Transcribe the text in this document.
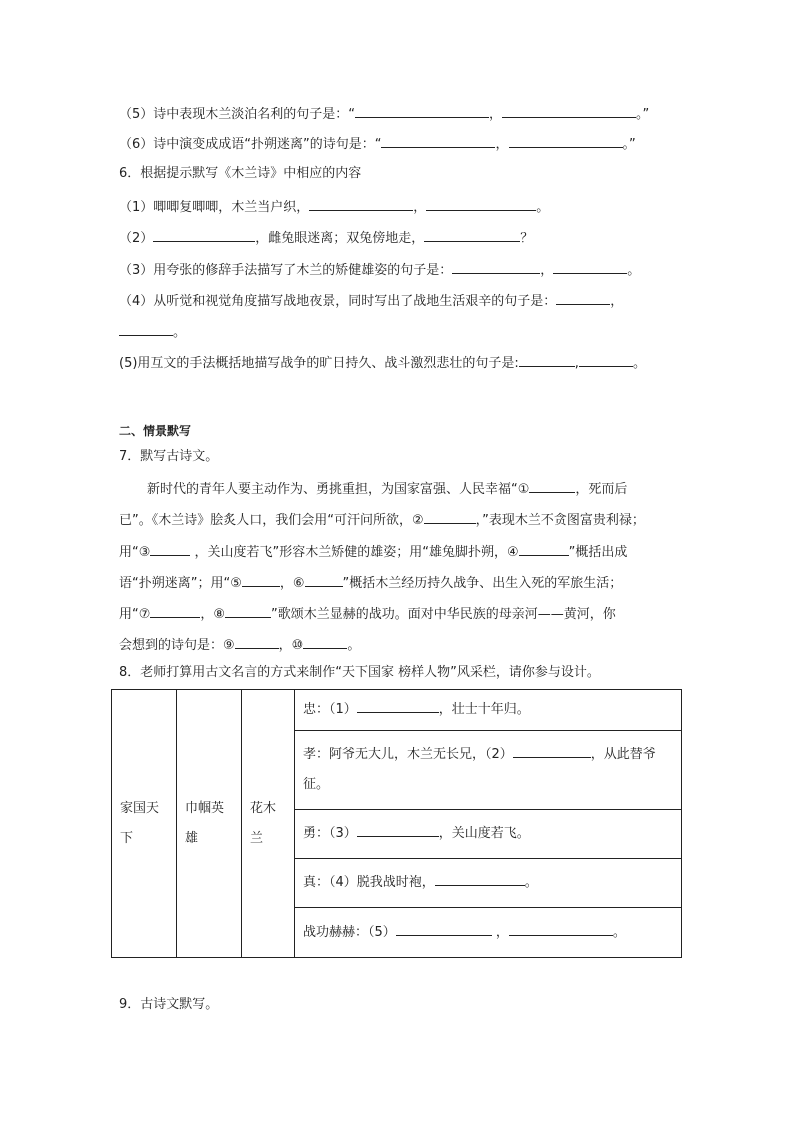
（5）诗中表现木兰淡泊名利的句子是：“	，	。”
（6）诗中演变成成语“扑朔迷离”的诗句是：“	，	。”
6．根据提示默写《木兰诗》中相应的内容
（1）唧唧复唧唧，木兰当户织，	，	。
（2）	，雌兔眼迷离；双兔傍地走，	？
（3）用夸张的修辞手法描写了木兰的矫健雄姿的句子是：	，	。
（4）从听觉和视觉角度描写战地夜景，同时写出了战地生活艰辛的句子是：	，
。
(5)用互文的手法概括地描写战争的旷日持久、战斗激烈悲壮的句子是:	,	。
二、情景默写
7．默写古诗文。
新时代的青年人要主动作为、勇挑重担，为国家富强、人民幸福“①	，死而后
已”。《木兰诗》脍炙人口，我们会用“可汗问所欲，②	，”表现木兰不贪图富贵利禄；
用“③	，关山度若飞”形容木兰矫健的雄姿；用“雄兔脚扑朔，④	”概括出成
语“扑朔迷离”；用“⑤	，⑥	”概括木兰经历持久战争、出生入死的军旅生活；
用“⑦	，⑧	”歌颂木兰显赫的战功。面对中华民族的母亲河——黄河，你
会想到的诗句是：⑨	，⑩	。
8．老师打算用古文名言的方式来制作“天下国家 榜样人物”风采栏，请你参与设计。
家国天下	巾帼英雄	花木兰	忠：（1）	，壮士十年归。
孝：阿爷无大儿，木兰无长兄，（2）	，从此替爷征。
勇：（3）	，关山度若飞。
真：（4）脱我战时袍，	。
战功赫赫：（5）	，	。
9．古诗文默写。
